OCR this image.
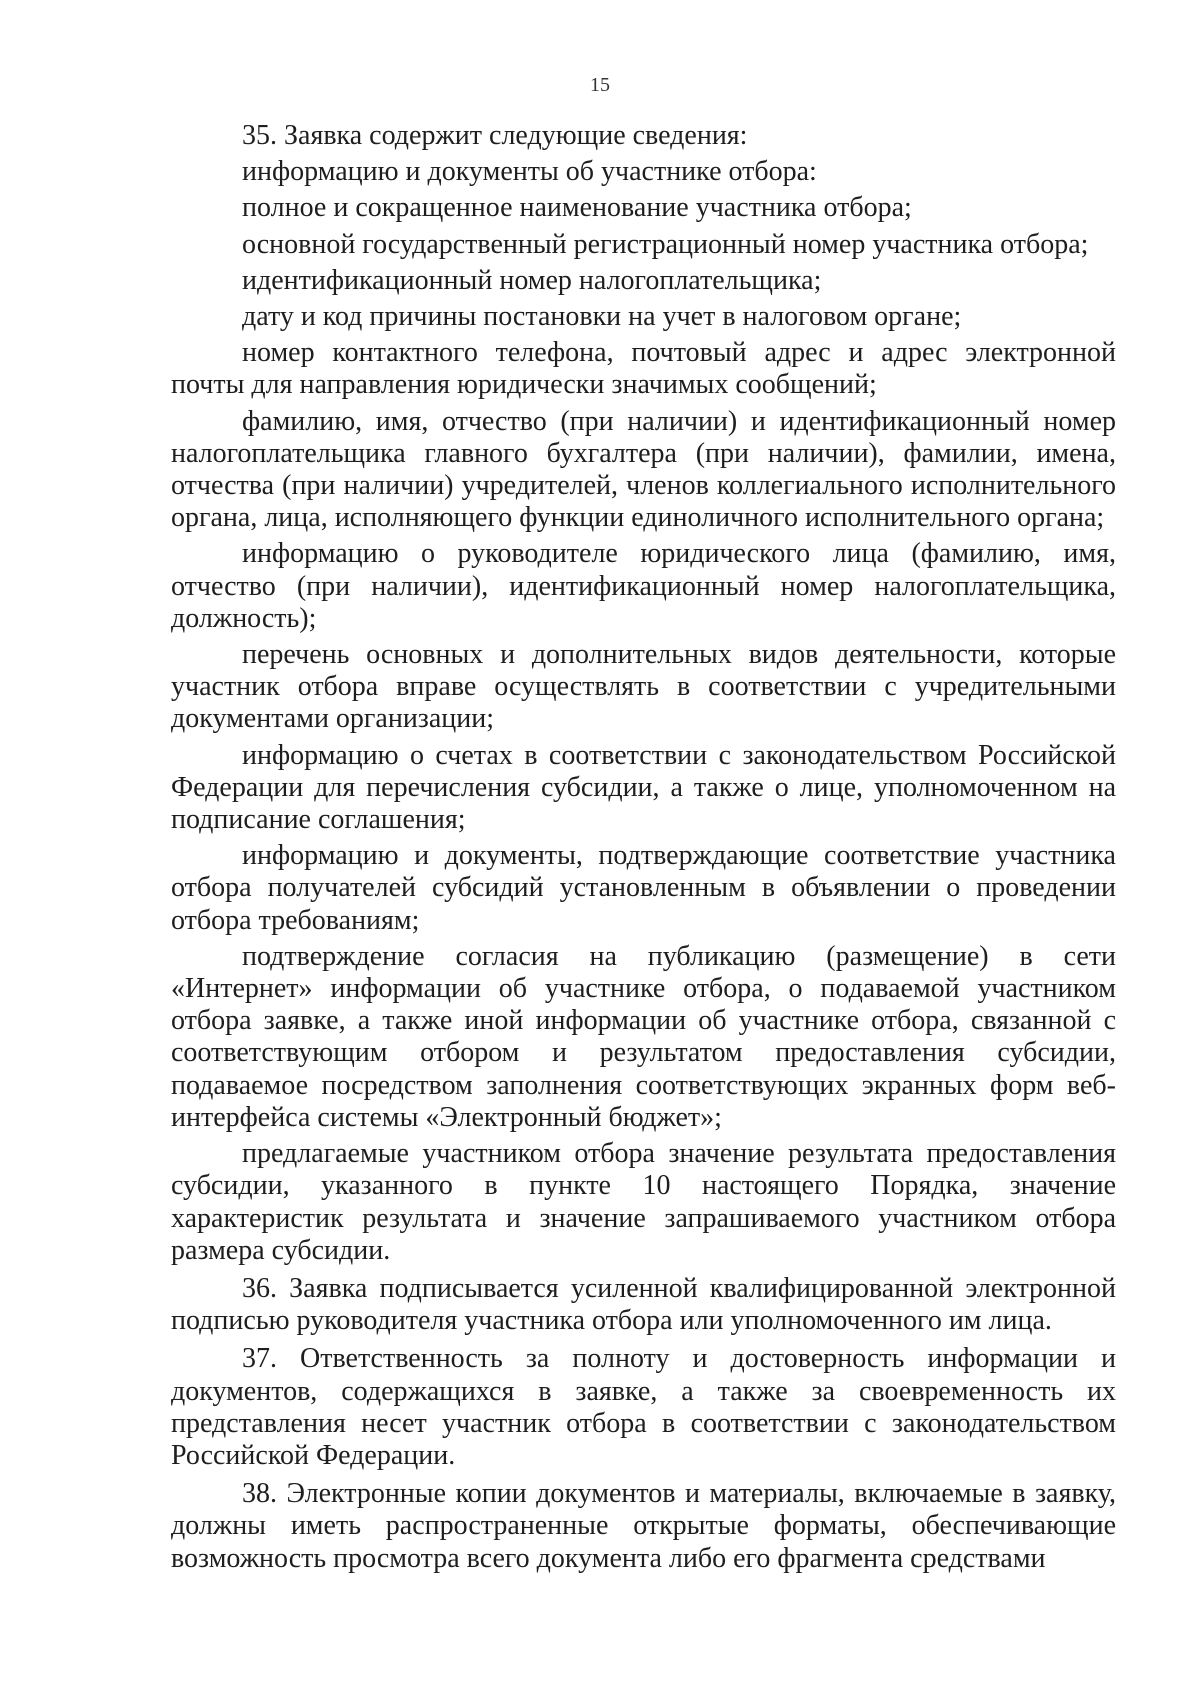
15

35. Заявка содержит следующие сведения:

информацию и документы об участнике отбора:

полное и сокращенное наименование участника отбора;

основной государственный регистрационный номер участника отбора;

идентификационный номер налогоплательщика;

дату и код причины постановки на учет в налоговом органе;

номер контактного телефона, почтовый адрес и адрес электронной почты для направления юридически значимых сообщений;

фамилию, имя, отчество (при наличии) и идентификационный номер налогоплательщика главного бухгалтера (при наличии), фамилии, имена, отчества (при наличии) учредителей, членов коллегиального исполнительного органа, лица, исполняющего функции единоличного исполнительного органа;

информацию о руководителе юридического лица (фамилию, имя, отчество (при наличии), идентификационный номер налогоплательщика, должность);

перечень основных и дополнительных видов деятельности, которые участник отбора вправе осуществлять в соответствии с учредительными документами организации;

информацию о счетах в соответствии с законодательством Российской Федерации для перечисления субсидии, а также о лице, уполномоченном на подписание соглашения;

информацию и документы, подтверждающие соответствие участника отбора получателей субсидий установленным в объявлении о проведении отбора требованиям;

подтверждение согласия на публикацию (размещение) в сети «Интернет» информации об участнике отбора, о подаваемой участником отбора заявке, а также иной информации об участнике отбора, связанной с соответствующим отбором и результатом предоставления субсидии, подаваемое посредством заполнения соответствующих экранных форм веб-интерфейса системы «Электронный бюджет»;

предлагаемые участником отбора значение результата предоставления субсидии, указанного в пункте 10 настоящего Порядка, значение характеристик результата и значение запрашиваемого участником отбора размера субсидии.

36. Заявка подписывается усиленной квалифицированной электронной подписью руководителя участника отбора или уполномоченного им лица.

37. Ответственность за полноту и достоверность информации и документов, содержащихся в заявке, а также за своевременность их представления несет участник отбора в соответствии с законодательством Российской Федерации.

38. Электронные копии документов и материалы, включаемые в заявку, должны иметь распространенные открытые форматы, обеспечивающие возможность просмотра всего документа либо его фрагмента средствами
